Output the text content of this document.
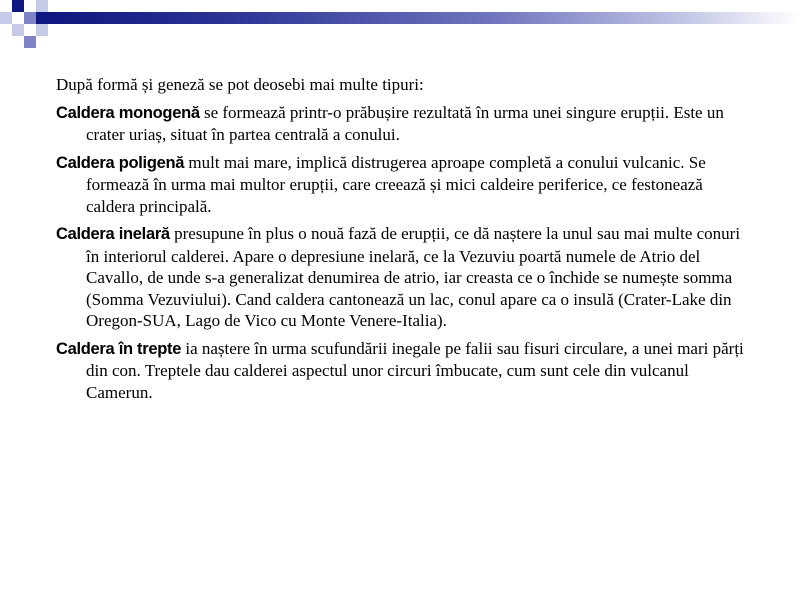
După formă și geneză se pot deosebi mai multe tipuri:

Caldera monogenă se formează printr-o prăbușire rezultată în urma unei singure erupții. Este un crater uriaș, situat în partea centrală a conului.

Caldera poligenă mult mai mare, implică distrugerea aproape completă a conului vulcanic. Se formează în urma mai multor erupții, care creează și mici caldeire periferice, ce festonează caldera principală.

Caldera inelară presupune în plus o nouă fază de erupții, ce dă naștere la unul sau mai multe conuri în interiorul calderei. Apare o depresiune inelară, ce la Vezuviu poartă numele de Atrio del Cavallo, de unde s-a generalizat denumirea de atrio, iar creasta ce o închide se numește somma (Somma Vezuviului). Cand caldera cantonează un lac, conul apare ca o insulă (Crater-Lake din Oregon-SUA, Lago de Vico cu Monte Venere-Italia).

Caldera în trepte ia naștere în urma scufundării inegale pe falii sau fisuri circulare, a unei mari părți din con. Treptele dau calderei aspectul unor circuri îmbucate, cum sunt cele din vulcanul Camerun.
